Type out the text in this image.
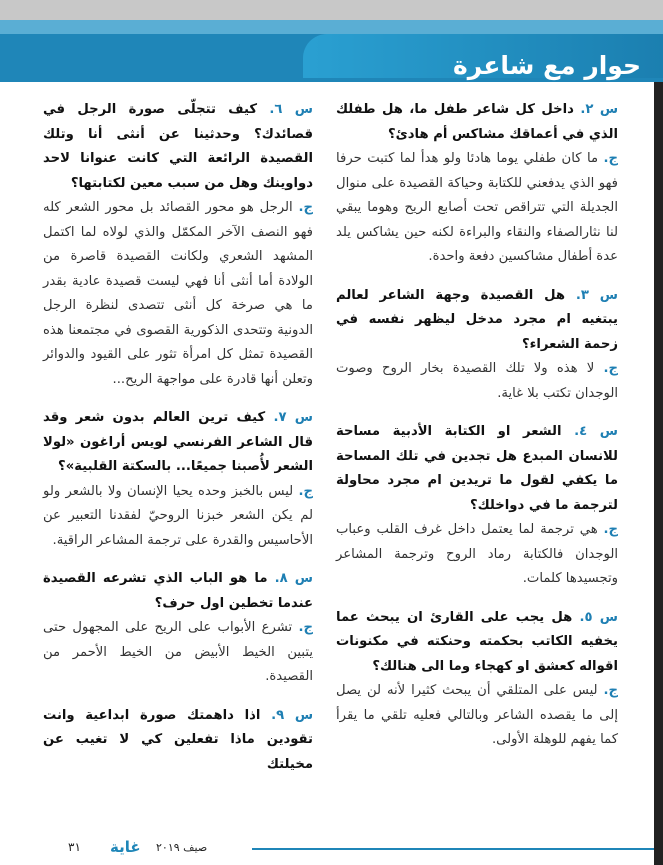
حوار مع شاعرة
س ٢. داخل كل شاعر طفل ما، هل طفلك الذي في أعماقك مشاكس أم هادئ؟
ج. ما كان طفلي يوما هادئا ولو هدأ لما كتبت حرفا فهو الذي يدفعني للكتابة وحياكة القصيدة على منوال الجديلة التي تتراقص تحت أصابع الريح وهوما يبقي لنا نثارالصفاء والنقاء والبراءة لكنه حين يشاكس يلد عدة أطفال مشاكسين دفعة واحدة.
س ٣. هل القصيدة وجهة الشاعر لعالم يبتغيه ام مجرد مدخل ليظهر نفسه في زحمة الشعراء؟
ج. لا هذه ولا تلك القصيدة بخار الروح وصوت الوجدان تكتب بلا غاية.
س ٤. الشعر او الكتابة الأدبية مساحة للانسان المبدع هل تجدين في تلك المساحة ما يكفي لقول ما تريدين ام مجرد محاولة لترجمة ما في دواخلك؟
ج. هي ترجمة لما يعتمل داخل غرف القلب وعباب الوجدان فالكتابة رماد الروح وترجمة المشاعر وتجسيدها كلمات.
س ٥. هل يجب على القارئ ان يبحث عما يخفيه الكاتب بحكمته وحنكته في مكنونات اقواله كعشق او كهجاء وما الى هنالك؟
ج. ليس على المتلقي أن يبحث كثيرا لأنه لن يصل إلى ما يقصده الشاعر وبالتالي فعليه تلقي ما يقرأ كما يفهم للوهلة الأولى.
س ٦. كيف تتجلّى صورة الرجل في قصائدك؟ وحدثينا عن أنثى أنا وتلك القصيدة الرائعة التي كانت عنوانا لاحد دواوينك وهل من سبب معين لكتابتها؟
ج. الرجل هو محور القصائد بل محور الشعر كله فهو النصف الآخر المكمّل والذي لولاه لما اكتمل المشهد الشعري ولكانت القصيدة قاصرة من الولادة أما أنثى أنا فهي ليست قصيدة عادية بقدر ما هي صرخة كل أنثى تتصدى لنظرة الرجل الدونية وتتحدى الذكورية القصوى في مجتمعنا هذه القصيدة تمثل كل امرأة تثور على القيود والدوائر وتعلن أنها قادرة على مواجهة الريح...
س ٧. كيف ترين العالم بدون شعر وقد قال الشاعر الفرنسي لويس أراغون «لولا الشعر لأُصبنا جميعًا... بالسكتة القلبية»؟
ج. ليس بالخبز وحده يحيا الإنسان ولا بالشعر ولو لم يكن الشعر خبزنا الروحيّ لفقدنا التعبير عن الأحاسيس والقدرة على ترجمة المشاعر الراقية.
س ٨. ما هو الباب الذي تشرعه القصيدة عندما تخطين اول حرف؟
ج. تشرع الأبواب على الريح على المجهول حتى يتبين الخيط الأبيض من الخيط الأحمر من القصيدة.
س ٩. اذا داهمتك صورة ابداعية وانت تقودين ماذا تفعلين كي لا تغيب عن مخيلتك
٣١ غاية صيف ٢٠١٩
